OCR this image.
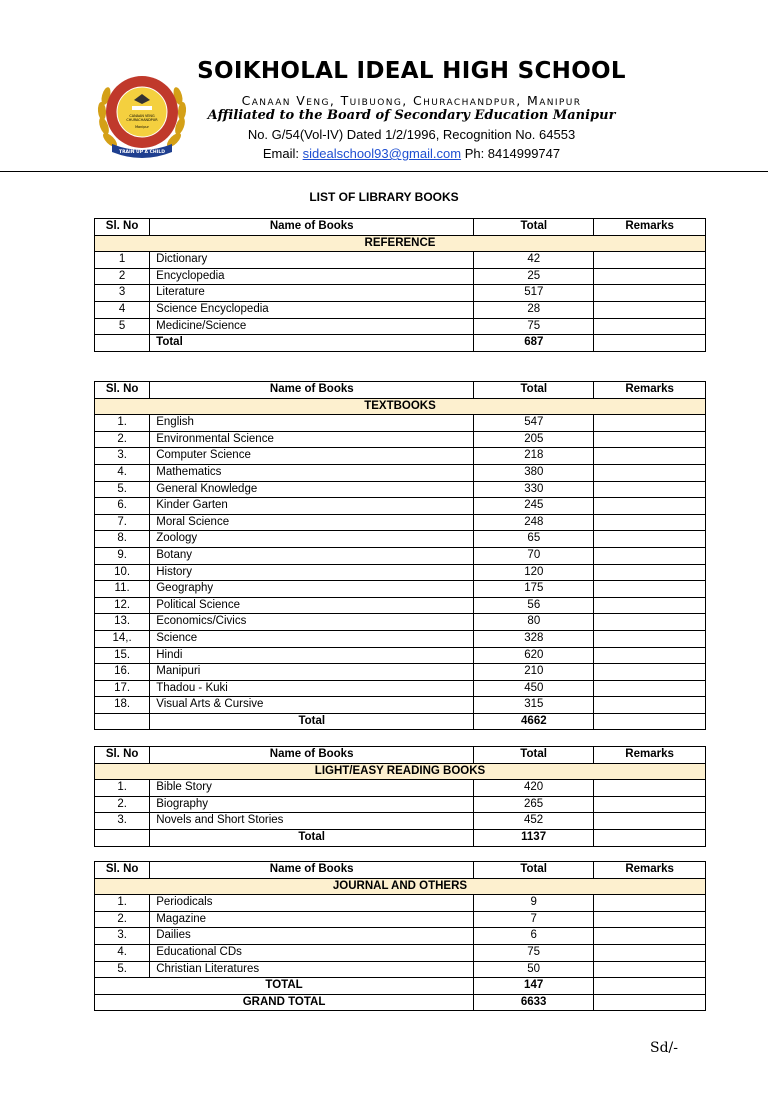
CANAAN VENG
CHURACHANDPUR
Manipur
TRAIN UP A CHILD
SOIKHOLAL IDEAL HIGH SCHOOL
Canaan Veng, Tuibuong, Churachandpur, Manipur
Affiliated to the Board of Secondary Education Manipur
No. G/54(Vol-IV) Dated 1/2/1996, Recognition No. 64553
Email: sidealschool93@gmail.com Ph: 8414999747
LIST OF LIBRARY BOOKS
Sl. No	Name of Books	Total	Remarks
REFERENCE			
1	Dictionary	42	
2	Encyclopedia	25	
3	Literature	517	
4	Science Encyclopedia	28	
5	Medicine/Science	75	
	Total	687	
Sl. No	Name of Books	Total	Remarks
TEXTBOOKS			
1.	English	547	
2.	Environmental Science	205	
3.	Computer Science	218	
4.	Mathematics	380	
5.	General Knowledge	330	
6.	Kinder Garten	245	
7.	Moral Science	248	
8.	Zoology	65	
9.	Botany	70	
10.	History	120	
11.	Geography	175	
12.	Political Science	56	
13.	Economics/Civics	80	
14,.	Science	328	
15.	Hindi	620	
16.	Manipuri	210	
17.	Thadou - Kuki	450	
18.	Visual Arts & Cursive	315	
	Total	4662	
Sl. No	Name of Books	Total	Remarks
LIGHT/EASY READING BOOKS			
1.	Bible Story	420	
2.	Biography	265	
3.	Novels and Short Stories	452	
	Total	1137	
Sl. No	Name of Books	Total	Remarks
JOURNAL AND OTHERS			
1.	Periodicals	9	
2.	Magazine	7	
3.	Dailies	6	
4.	Educational CDs	75	
5.	Christian Literatures	50	
TOTAL		147	
GRAND TOTAL		6633	
Sd/-
